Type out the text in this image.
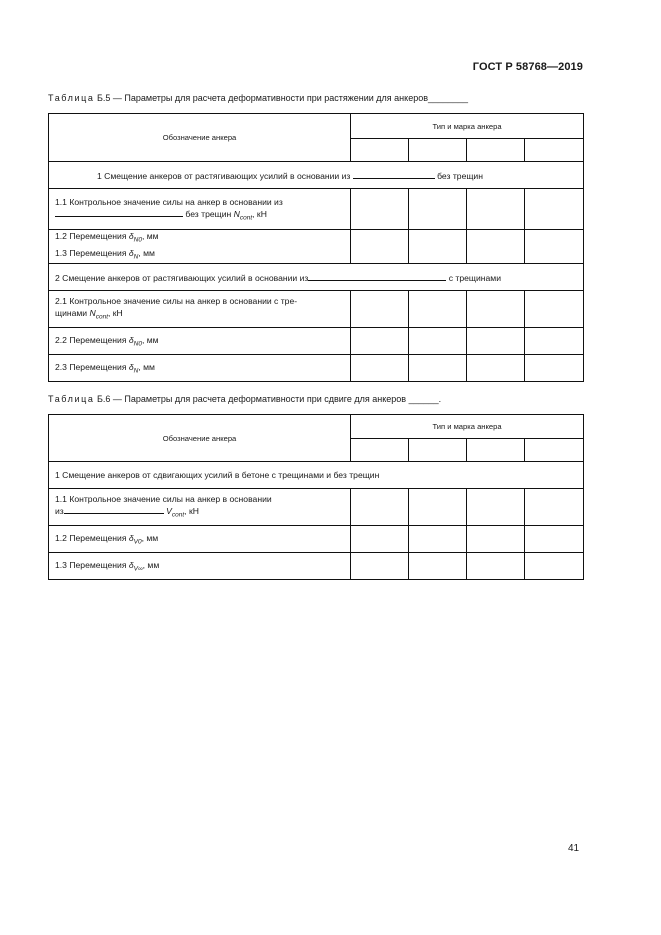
ГОСТ Р 58768—2019
Таблица Б.5 — Параметры для расчета деформативности при растяжении для анкеров________
Обозначение анкера	Тип и марка анкера			

1 Смещение анкеров от растягивающих усилий в основании из без трещин				

1.1 Контрольное значение силы на анкер в основании из
без трещин $N_{cont}$, кН				

1.2 Перемещения $\delta_{N0}$, мм
1.3 Перемещения $\delta_N$, мм				

2 Смещение анкеров от растягивающих усилий в основании из с трещинами				

2.1 Контрольное значение силы на анкер в основании с тре-
щинами $N_{cont}$, кН				

2.2 Перемещения $\delta_{N0}$, мм				
2.3 Перемещения $\delta_N$, мм				
Таблица Б.6 — Параметры для расчета деформативности при сдвиге для анкеров ______.
Обозначение анкера	Тип и марка анкера			

1 Смещение анкеров от сдвигающих усилий в бетоне с трещинами и без трещин				

1.1 Контрольное значение силы на анкер в основании
из $V_{cont}$, кН				

1.2 Перемещения $\delta_{V0}$, мм				
1.3 Перемещения $\delta_{V\infty}$, мм				
41
